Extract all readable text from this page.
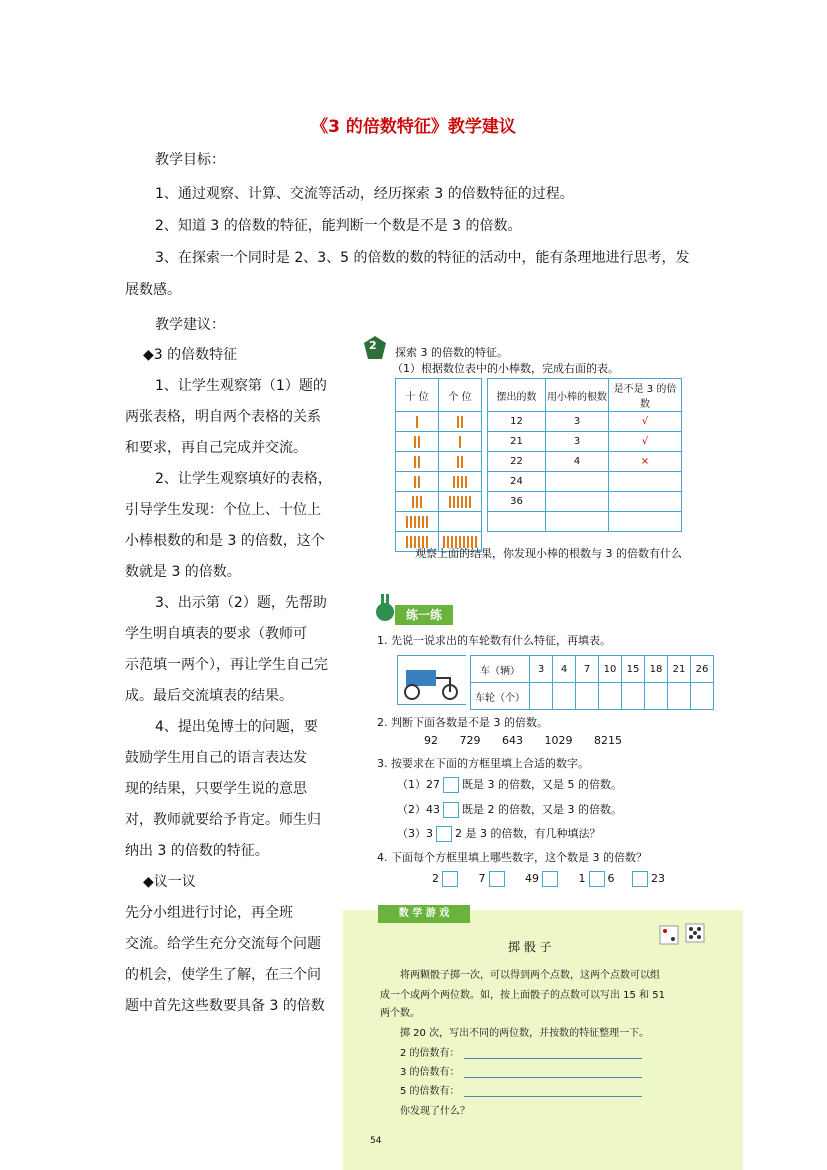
《3 的倍数特征》教学建议
教学目标：
1、通过观察、计算、交流等活动，经历探索 3 的倍数特征的过程。
2、知道 3 的倍数的特征，能判断一个数是不是 3 的倍数。
3、在探索一个同时是 2、3、5 的倍数的数的特征的活动中，能有条理地进行思考，发
展数感。
教学建议：
◆3 的倍数特征
1、让学生观察第（1）题的
两张表格，明自两个表格的关系
和要求，再自己完成并交流。
2、让学生观察填好的表格，
引导学生发现：个位上、十位上
小棒根数的和是 3 的倍数，这个
数就是 3 的倍数。
3、出示第（2）题，先帮助
学生明自填表的要求（教师可
示范填一两个），再让学生自己完
成。最后交流填表的结果。
4、提出兔博士的问题，要
鼓励学生用自己的语言表达发
现的结果，只要学生说的意思
对，教师就要给予肯定。师生归
纳出 3 的倍数的特征。
◆议一议
先分小组进行讨论，再全班
交流。给学生充分交流每个问题
的机会，使学生了解，在三个问
题中首先这些数要具备 3 的倍数
2
探索 3 的倍数的特征。
（1）根据数位表中的小棒数，完成右面的表。
十 位	个 位

	摆出的数	用小棒的根数	是不是 3 的倍数
12	3	√
21	3	√
22	4	×
24		
36		

观察上面的结果，你发现小棒的根数与 3 的倍数有什么
练一练
1. 先说一说求出的车轮数有什么特征，再填表。
车（辆）	3	4	7	10	15	18	21	26
车轮（个）								
2. 判断下面各数是不是 3 的倍数。
92 729 643 1029 8215
3. 按要求在下面的方框里填上合适的数字。
（1）27 既是 3 的倍数，又是 5 的倍数。
（2）43 既是 2 的倍数，又是 3 的倍数。
（3）3 2 是 3 的倍数，有几种填法？
4. 下面每个方框里填上哪些数字，这个数是 3 的倍数？
2	7	49	1 6	23
数 学 游 戏
掷 骰 子
将两颗骰子掷一次，可以得到两个点数，这两个点数可以组
成一个或两个两位数。如，按上面骰子的点数可以写出 15 和 51
两个数。
掷 20 次，写出不同的两位数，并按数的特征整理一下。
2 的倍数有：
3 的倍数有：
5 的倍数有：
你发现了什么？
54
